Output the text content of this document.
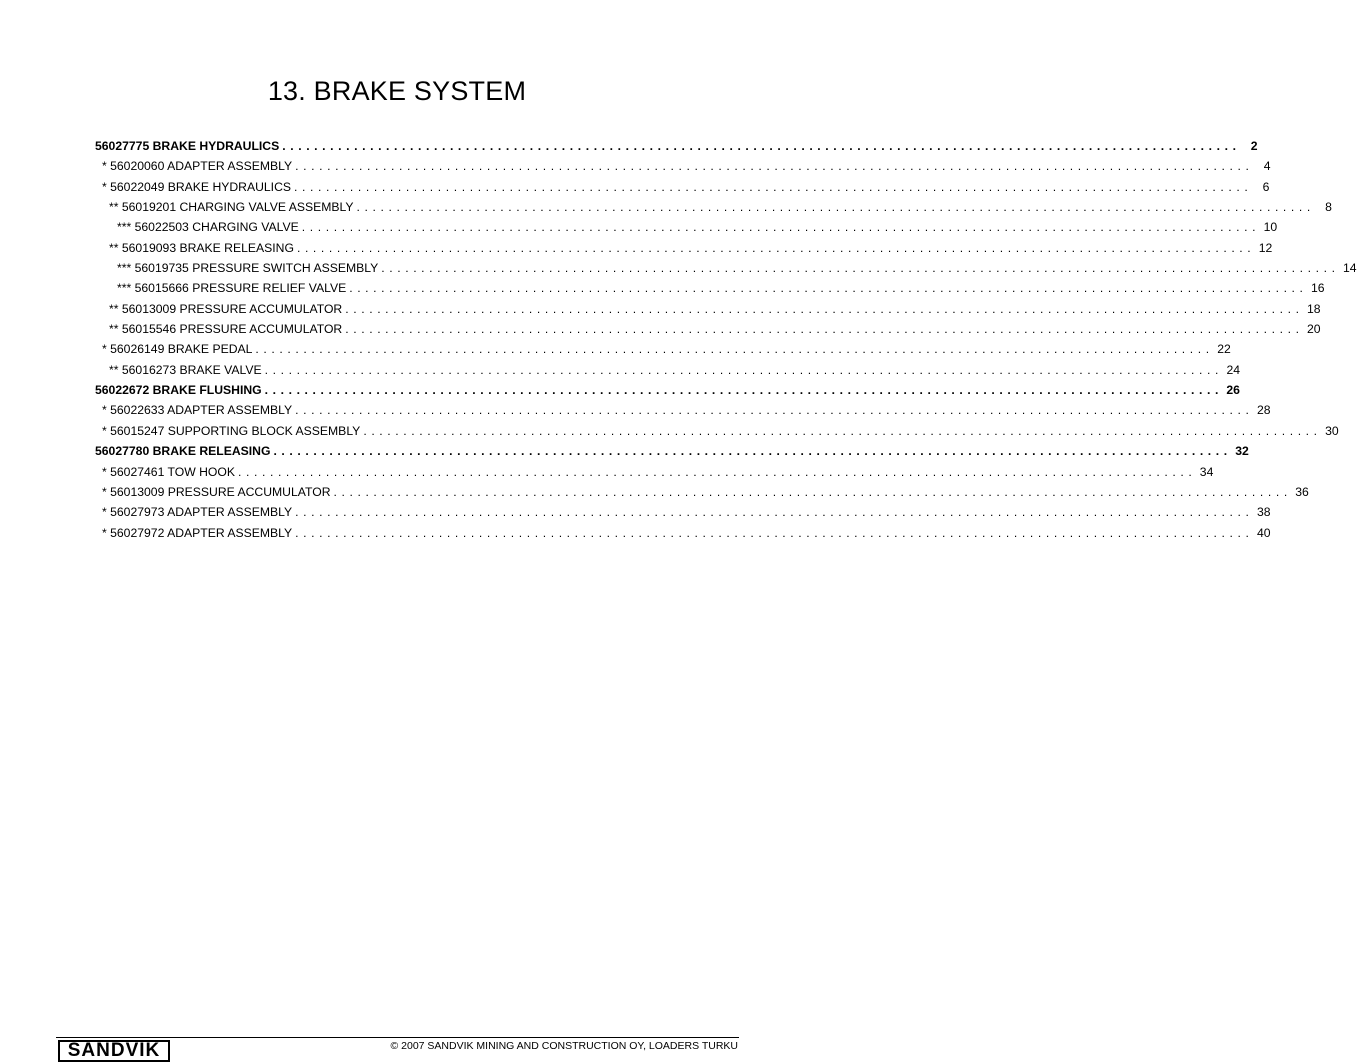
13. BRAKE SYSTEM
56027775 BRAKE HYDRAULICS ........................................................................................................................ 2
* 56020060 ADAPTER ASSEMBLY ........................................................................................................................ 4
* 56022049 BRAKE HYDRAULICS ........................................................................................................................ 6
** 56019201 CHARGING VALVE ASSEMBLY ........................................................................................................................ 8
*** 56022503 CHARGING VALVE ........................................................................................................................ 10
** 56019093 BRAKE RELEASING ........................................................................................................................ 12
*** 56019735 PRESSURE SWITCH ASSEMBLY ........................................................................................................................ 14
*** 56015666 PRESSURE RELIEF VALVE ........................................................................................................................ 16
** 56013009 PRESSURE ACCUMULATOR ........................................................................................................................ 18
** 56015546 PRESSURE ACCUMULATOR ........................................................................................................................ 20
* 56026149 BRAKE PEDAL ........................................................................................................................ 22
** 56016273 BRAKE VALVE ........................................................................................................................ 24
56022672 BRAKE FLUSHING ........................................................................................................................ 26
* 56022633 ADAPTER ASSEMBLY ........................................................................................................................ 28
* 56015247 SUPPORTING BLOCK ASSEMBLY ........................................................................................................................ 30
56027780 BRAKE RELEASING ........................................................................................................................ 32
* 56027461 TOW HOOK ........................................................................................................................ 34
* 56013009 PRESSURE ACCUMULATOR ........................................................................................................................ 36
* 56027973 ADAPTER ASSEMBLY ........................................................................................................................ 38
* 56027972 ADAPTER ASSEMBLY ........................................................................................................................ 40
SANDVIK	© 2007 SANDVIK MINING AND CONSTRUCTION OY, LOADERS TURKU
